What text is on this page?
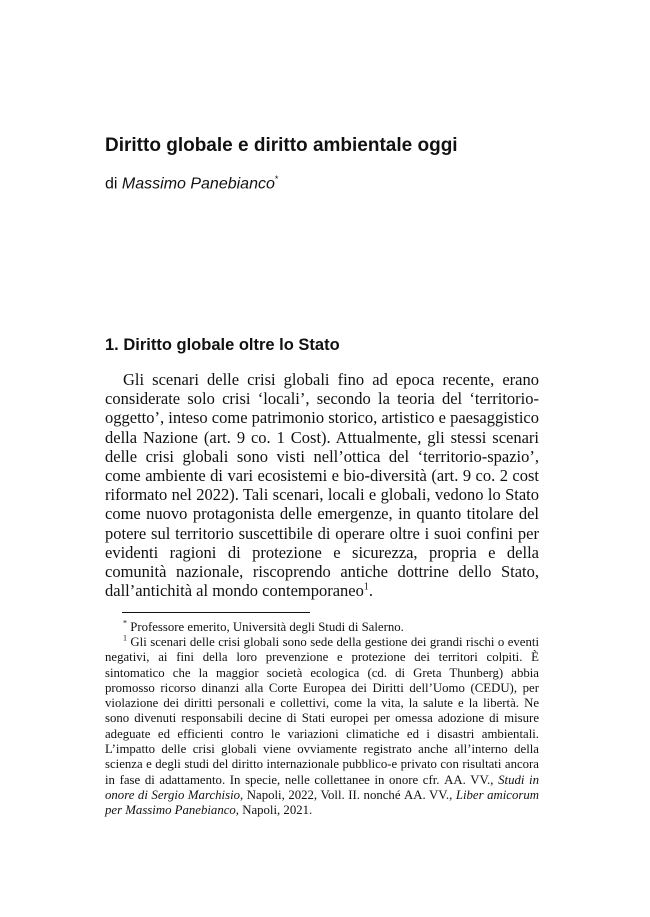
Diritto globale e diritto ambientale oggi

di Massimo Panebianco*

1. Diritto globale oltre lo Stato

Gli scenari delle crisi globali fino ad epoca recente, erano considerate solo crisi ‘locali’, secondo la teoria del ‘territorio-oggetto’, inteso come patrimonio storico, artistico e paesaggistico della Nazione (art. 9 co. 1 Cost). Attualmente, gli stessi scenari delle crisi globali sono visti nell’ottica del ‘territorio-spazio’, come ambiente di vari ecosistemi e bio-diversità (art. 9 co. 2 cost riformato nel 2022). Tali scenari, locali e globali, vedono lo Stato come nuovo protagonista delle emergenze, in quanto titolare del potere sul territorio suscettibile di operare oltre i suoi confini per evidenti ragioni di protezione e sicurezza, propria e della comunità nazionale, riscoprendo antiche dottrine dello Stato, dall’antichità al mondo contemporaneo$^1$.

* Professore emerito, Università degli Studi di Salerno.

$^1$ Gli scenari delle crisi globali sono sede della gestione dei grandi rischi o eventi negativi, ai fini della loro prevenzione e protezione dei territori colpiti. È sintomatico che la maggior società ecologica (cd. di Greta Thunberg) abbia promosso ricorso dinanzi alla Corte Europea dei Diritti dell’Uomo (CEDU), per violazione dei diritti personali e collettivi, come la vita, la salute e la libertà. Ne sono divenuti responsabili decine di Stati europei per omessa adozione di misure adeguate ed efficienti contro le variazioni climatiche ed i disastri ambientali. L’impatto delle crisi globali viene ovviamente registrato anche all’interno della scienza e degli studi del diritto internazionale pubblico-e privato con risultati ancora in fase di adattamento. In specie, nelle collettanee in onore cfr. AA. VV., Studi in onore di Sergio Marchisio, Napoli, 2022, Voll. II. nonché AA. VV., Liber amicorum per Massimo Panebianco, Napoli, 2021.
